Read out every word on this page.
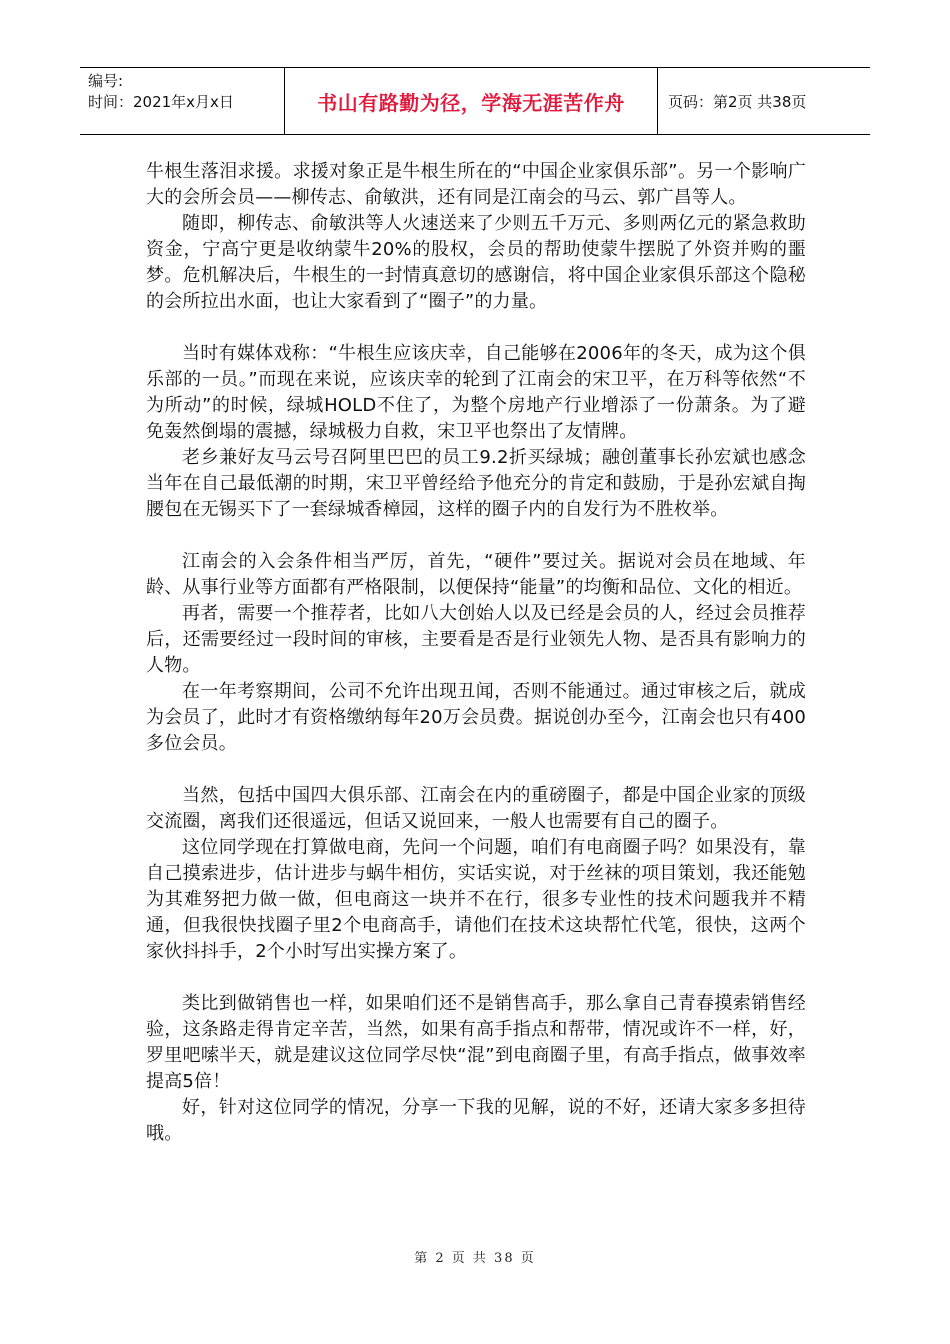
编号:
时间：2021年x月x日	书山有路勤为径，学海无涯苦作舟	页码：第2页 共38页

牛根生落泪求援。求援对象正是牛根生所在的“中国企业家俱乐部”。另一个影响广大的会所会员——柳传志、俞敏洪，还有同是江南会的马云、郭广昌等人。

随即，柳传志、俞敏洪等人火速送来了少则五千万元、多则两亿元的紧急救助资金，宁高宁更是收纳蒙牛20%的股权，会员的帮助使蒙牛摆脱了外资并购的噩梦。危机解决后，牛根生的一封情真意切的感谢信，将中国企业家俱乐部这个隐秘的会所拉出水面，也让大家看到了“圈子”的力量。

当时有媒体戏称：“牛根生应该庆幸，自己能够在2006年的冬天，成为这个俱乐部的一员。”而现在来说，应该庆幸的轮到了江南会的宋卫平，在万科等依然“不为所动”的时候，绿城HOLD不住了，为整个房地产行业增添了一份萧条。为了避免轰然倒塌的震撼，绿城极力自救，宋卫平也祭出了友情牌。

老乡兼好友马云号召阿里巴巴的员工9.2折买绿城；融创董事长孙宏斌也感念当年在自己最低潮的时期，宋卫平曾经给予他充分的肯定和鼓励，于是孙宏斌自掏腰包在无锡买下了一套绿城香樟园，这样的圈子内的自发行为不胜枚举。

江南会的入会条件相当严厉，首先，“硬件”要过关。据说对会员在地域、年龄、从事行业等方面都有严格限制，以便保持“能量”的均衡和品位、文化的相近。

再者，需要一个推荐者，比如八大创始人以及已经是会员的人，经过会员推荐后，还需要经过一段时间的审核，主要看是否是行业领先人物、是否具有影响力的人物。

在一年考察期间，公司不允许出现丑闻，否则不能通过。通过审核之后，就成为会员了，此时才有资格缴纳每年20万会员费。据说创办至今，江南会也只有400多位会员。

当然，包括中国四大俱乐部、江南会在内的重磅圈子，都是中国企业家的顶级交流圈，离我们还很遥远，但话又说回来，一般人也需要有自己的圈子。

这位同学现在打算做电商，先问一个问题，咱们有电商圈子吗？如果没有，靠自己摸索进步，估计进步与蜗牛相仿，实话实说，对于丝袜的项目策划，我还能勉为其难努把力做一做，但电商这一块并不在行，很多专业性的技术问题我并不精通，但我很快找圈子里2个电商高手，请他们在技术这块帮忙代笔，很快，这两个家伙抖抖手，2个小时写出实操方案了。

类比到做销售也一样，如果咱们还不是销售高手，那么拿自己青春摸索销售经验，这条路走得肯定辛苦，当然，如果有高手指点和帮带，情况或许不一样，好，罗里吧嗦半天，就是建议这位同学尽快“混”到电商圈子里，有高手指点，做事效率提高5倍！

好，针对这位同学的情况，分享一下我的见解，说的不好，还请大家多多担待哦。

第 2 页 共 38 页
